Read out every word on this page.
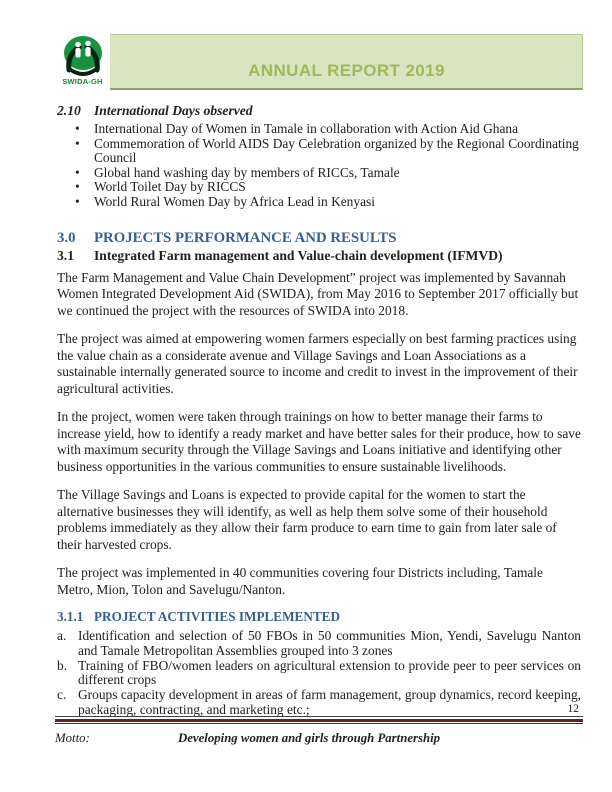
ANNUAL REPORT 2019
SWIDA-GH
2.10 International Days observed
•	International Day of Women in Tamale in collaboration with Action Aid Ghana
•	Commemoration of World AIDS Day Celebration organized by the Regional Coordinating Council
•	Global hand washing day by members of RICCs, Tamale
•	World Toilet Day by RICCS
•	World Rural Women Day by Africa Lead in Kenyasi
3.0	PROJECTS PERFORMANCE AND RESULTS
3.1	Integrated Farm management and Value-chain development (IFMVD)

The Farm Management and Value Chain Development” project was implemented by Savannah Women Integrated Development Aid (SWIDA), from May 2016 to September 2017 officially but we continued the project with the resources of SWIDA into 2018.

The project was aimed at empowering women farmers especially on best farming practices using the value chain as a considerate avenue and Village Savings and Loan Associations as a sustainable internally generated source to income and credit to invest in the improvement of their agricultural activities.

In the project, women were taken through trainings on how to better manage their farms to increase yield, how to identify a ready market and have better sales for their produce, how to save with maximum security through the Village Savings and Loans initiative and identifying other business opportunities in the various communities to ensure sustainable livelihoods.

The Village Savings and Loans is expected to provide capital for the women to start the alternative businesses they will identify, as well as help them solve some of their household problems immediately as they allow their farm produce to earn time to gain from later sale of their harvested crops.

The project was implemented in 40 communities covering four Districts including, Tamale Metro, Mion, Tolon and Savelugu/Nanton.

3.1.1 PROJECT ACTIVITIES IMPLEMENTED
a. Identification and selection of 50 FBOs in 50 communities Mion, Yendi, Savelugu Nanton and Tamale Metropolitan Assemblies grouped into 3 zones
b. Training of FBO/women leaders on agricultural extension to provide peer to peer services on different crops
c. Groups capacity development in areas of farm management, group dynamics, record keeping, packaging, contracting, and marketing etc.;	12
Motto:	Developing women and girls through Partnership
